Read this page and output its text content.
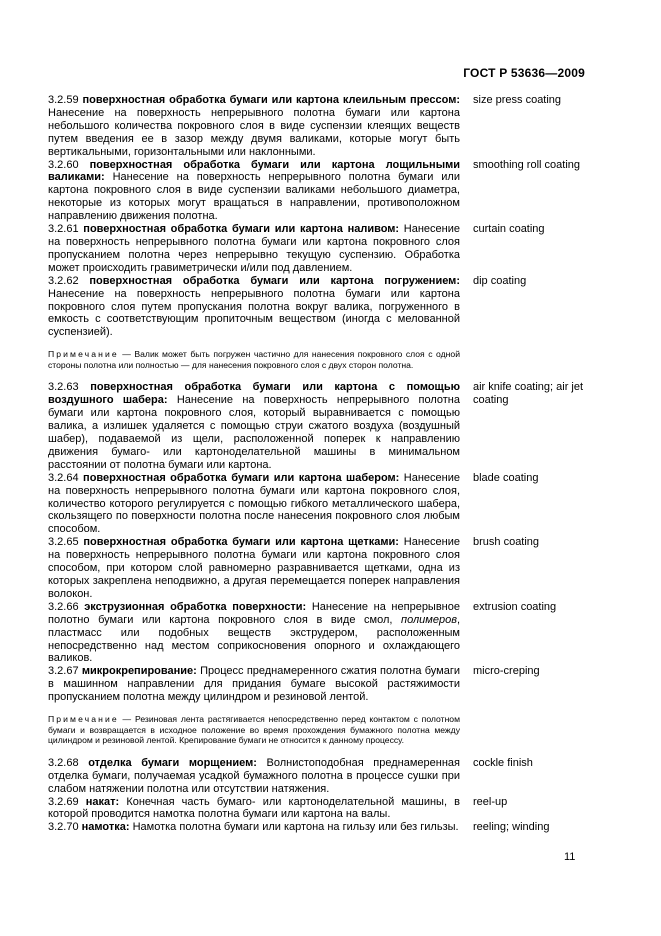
ГОСТ Р 53636—2009

3.2.59 поверхностная обработка бумаги или картона клеильным прессом: Нанесение на поверхность непрерывного полотна бумаги или картона небольшого количества покровного слоя в виде суспензии клеящих веществ путем введения ее в зазор между двумя валиками, которые могут быть вертикальными, горизонтальными или наклонными.

size press coating

3.2.60 поверхностная обработка бумаги или картона лощильными валиками: Нанесение на поверхность непрерывного полотна бумаги или картона покровного слоя в виде суспензии валиками небольшого диаметра, некоторые из которых могут вращаться в направлении, противоположном направлению движения полотна.

smoothing roll coating

3.2.61 поверхностная обработка бумаги или картона наливом: Нанесение на поверхность непрерывного полотна бумаги или картона покровного слоя пропусканием полотна через непрерывно текущую суспензию. Обработка может происходить гравиметрически и/или под давлением.

curtain coating

3.2.62 поверхностная обработка бумаги или картона погружением: Нанесение на поверхность непрерывного полотна бумаги или картона покровного слоя путем пропускания полотна вокруг валика, погруженного в емкость с соответствующим пропиточным веществом (иногда с мелованной суспензией).

dip coating

Примечание — Валик может быть погружен частично для нанесения покровного слоя с одной стороны полотна или полностью — для нанесения покровного слоя с двух сторон полотна.

3.2.63 поверхностная обработка бумаги или картона с помощью воздушного шабера: Нанесение на поверхность непрерывного полотна бумаги или картона покровного слоя, который выравнивается с помощью валика, а излишек удаляется с помощью струи сжатого воздуха (воздушный шабер), подаваемой из щели, расположенной поперек к направлению движения бумаго- или картоноделательной машины в минимальном расстоянии от полотна бумаги или картона.

air knife coating; air jet coating

3.2.64 поверхностная обработка бумаги или картона шабером: Нанесение на поверхность непрерывного полотна бумаги или картона покровного слоя, количество которого регулируется с помощью гибкого металлического шабера, скользящего по поверхности полотна после нанесения покровного слоя любым способом.

blade coating

3.2.65 поверхностная обработка бумаги или картона щетками: Нанесение на поверхность непрерывного полотна бумаги или картона покровного слоя способом, при котором слой равномерно разравнивается щетками, одна из которых закреплена неподвижно, а другая перемещается поперек направления волокон.

brush coating

3.2.66 экструзионная обработка поверхности: Нанесение на непрерывное полотно бумаги или картона покровного слоя в виде смол, полимеров, пластмасс или подобных веществ экструдером, расположенным непосредственно над местом соприкосновения опорного и охлаждающего валиков.

extrusion coating

3.2.67 микрокрепирование: Процесс преднамеренного сжатия полотна бумаги в машинном направлении для придания бумаге высокой растяжимости пропусканием полотна между цилиндром и резиновой лентой.

micro-creping

Примечание — Резиновая лента растягивается непосредственно перед контактом с полотном бумаги и возвращается в исходное положение во время прохождения бумажного полотна между цилиндром и резиновой лентой. Крепирование бумаги не относится к данному процессу.

3.2.68 отделка бумаги морщением: Волнистоподобная преднамеренная отделка бумаги, получаемая усадкой бумажного полотна в процессе сушки при слабом натяжении полотна или отсутствии натяжения.

cockle finish

3.2.69 накат: Конечная часть бумаго- или картоноделательной машины, в которой проводится намотка полотна бумаги или картона на валы.

reel-up

3.2.70 намотка: Намотка полотна бумаги или картона на гильзу или без гильзы. reeling; winding
11
